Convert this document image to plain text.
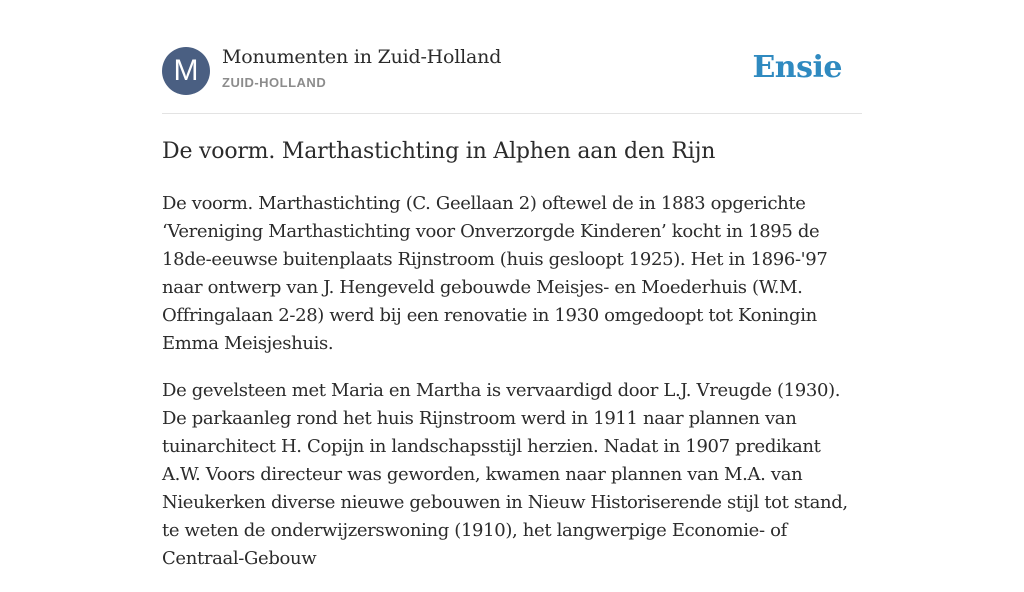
M	Monumenten in Zuid-Holland
ZUID-HOLLAND	Ensie
De voorm. Marthastichting in Alphen aan den Rijn

De voorm. Marthastichting (C. Geellaan 2) oftewel de in 1883 opgerichte ‘Vereniging Marthastichting voor Onverzorgde Kinderen’ kocht in 1895 de 18de-eeuwse buitenplaats Rijnstroom (huis gesloopt 1925). Het in 1896-'97 naar ontwerp van J. Hengeveld gebouwde Meisjes- en Moederhuis (W.M. Offringalaan 2-28) werd bij een renovatie in 1930 omgedoopt tot Koningin Emma Meisjeshuis.

De gevelsteen met Maria en Martha is vervaardigd door L.J. Vreugde (1930). De parkaanleg rond het huis Rijnstroom werd in 1911 naar plannen van tuinarchitect H. Copijn in landschapsstijl herzien. Nadat in 1907 predikant A.W. Voors directeur was geworden, kwamen naar plannen van M.A. van Nieukerken diverse nieuwe gebouwen in Nieuw Historiserende stijl tot stand, te weten de onderwijzerswoning (1910), het langwerpige Economie- of Centraal-Gebouw
